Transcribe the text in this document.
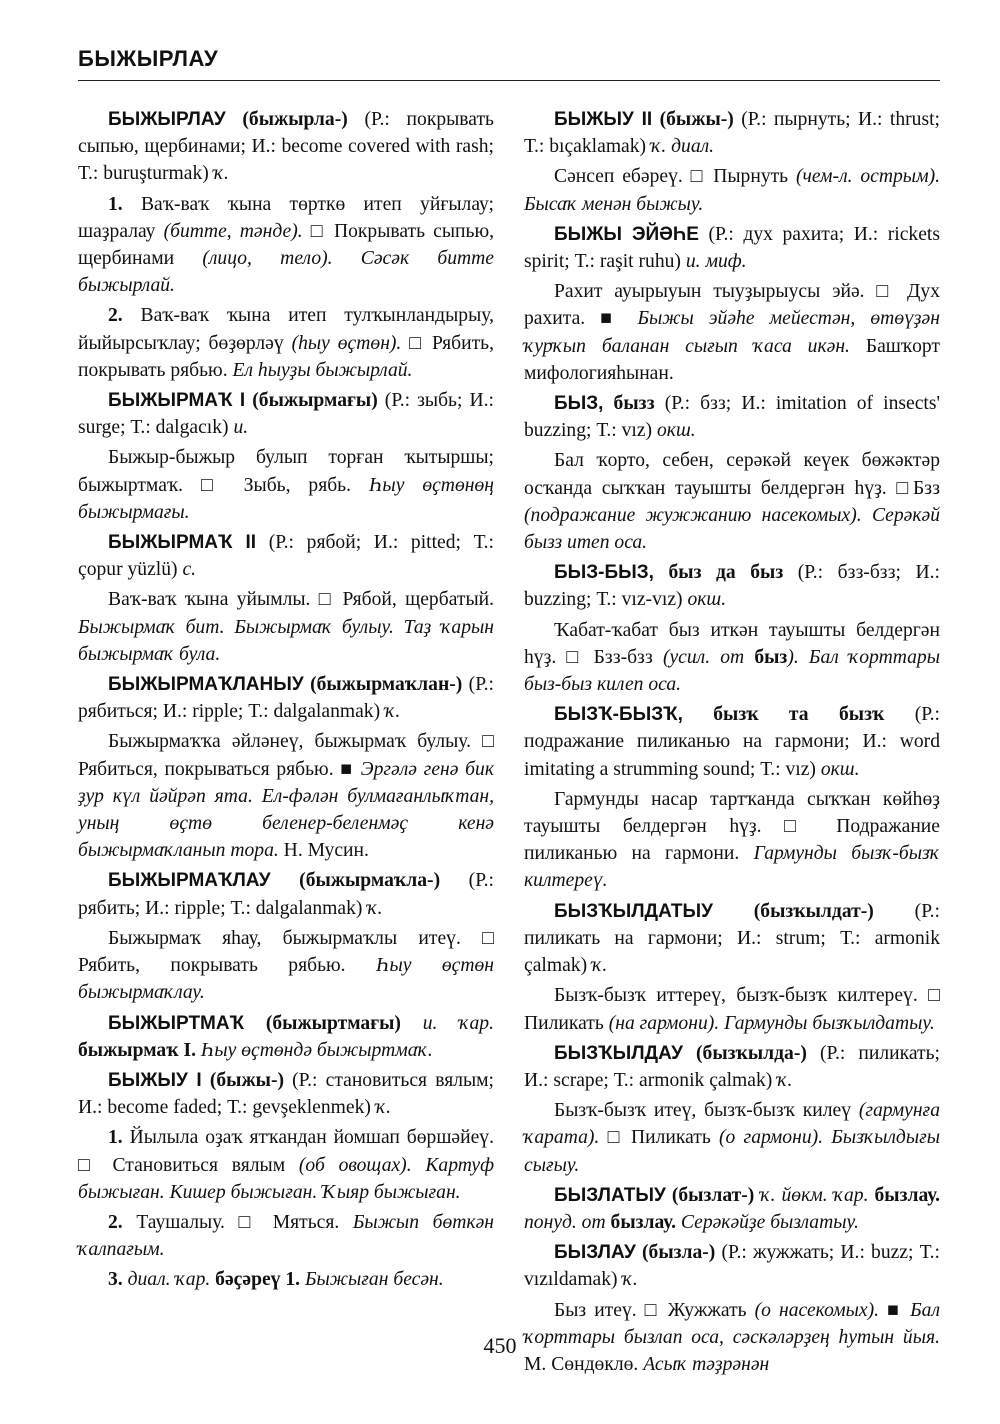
БЫЖЫРЛАУ

БЫЖЫРЛАУ (быжырла-) (Р.: покрывать сыпью, щербинами; И.: become covered with rash; Т.: buruşturmak) ҡ.

1. Ваҡ-ваҡ ҡына төрткө итеп уйғылау; шаҙралау (битте, тәнде). □ Покрывать сыпью, щербинами (лицо, тело). Сәсәк битте быжырлай.

2. Ваҡ-ваҡ ҡына итеп тулҡынландырыу, йыйырсыҡлау; бөҙөрләү (һыу өҫтөн). □ Рябить, покрывать рябью. Ел һыуҙы быжырлай.

БЫЖЫРМАҠ I (быжырмағы) (Р.: зыбь; И.: surge; Т.: dalgacık) и.

Быжыр-быжыр булып торған ҡытыршы; быжыртмаҡ. □ Зыбь, рябь. Һыу өҫтөнөң быжырмағы.

БЫЖЫРМАҠ II (Р.: рябой; И.: pitted; Т.: çopur yüzlü) с.

Ваҡ-ваҡ ҡына уйымлы. □ Рябой, щербатый. Быжырмаҡ бит. Быжырмаҡ булыу. Таҙ ҡарын быжырмаҡ була.

БЫЖЫРМАҠЛАНЫУ (быжырмаҡлан-) (Р.: рябиться; И.: ripple; Т.: dalgalanmak) ҡ.

Быжырмаҡҡа әйләнеү, быжырмаҡ булыу. □ Рябиться, покрываться рябью. ■ Эргәлә генә бик ҙур күл йәйрәп ята. Ел-фәлән булмағанлыҡтан, уның өҫтө беленер-беленмәҫ кенә быжырмаҡланып тора. Н. Мусин.

БЫЖЫРМАҠЛАУ (быжырмаҡла-) (Р.: рябить; И.: ripple; Т.: dalgalanmak) ҡ.

Быжырмаҡ яһау, быжырмаҡлы итеү. □ Рябить, покрывать рябью. Һыу өҫтөн быжырмаҡлау.

БЫЖЫРТМАҠ (быжыртмағы) и. ҡар. быжырмаҡ I. Һыу өҫтөндә быжыртмаҡ.

БЫЖЫУ I (быжы-) (Р.: становиться вялым; И.: become faded; Т.: gevşeklenmek) ҡ.

1. Йылыла оҙаҡ ятҡандан йомшап бөршәйеү. □ Становиться вялым (об овощах). Картуф быжыған. Кишер быжыған. Ҡыяр быжыған.

2. Таушалыу. □ Мяться. Быжып бөткән ҡалпағым.

3. диал. ҡар. бәҫәреү 1. Быжыған бесән.

БЫЖЫУ II (быжы-) (Р.: пырнуть; И.: thrust; Т.: bıçaklamak) ҡ. диал.

Сәнсеп ебәреү. □ Пырнуть (чем-л. острым). Бысаҡ менән быжыу.

БЫЖЫ ЭЙӘҺЕ (Р.: дух рахита; И.: rickets spirit; Т.: raşit ruhu) и. миф.

Рахит ауырыуын тыуҙырыусы эйә. □ Дух рахита. ■ Быжы эйәһе мейестән, өтөүҙән ҡурҡып баланан сығып ҡаса икән. Башҡорт мифологияһынан.

БЫЗ, бызз (Р.: бзз; И.: imitation of insects' buzzing; Т.: vız) окш.

Бал ҡорто, себен, серәкәй кеүек бөжәктәр осҡанда сыҡҡан тауышты белдергән һүҙ. □Бзз (подражание жужжанию насекомых). Серәкәй бызз итеп оса.

БЫЗ-БЫЗ, быз да быз (Р.: бзз-бзз; И.: buzzing; Т.: vız-vız) окш.

Ҡабат-ҡабат быз иткән тауышты белдергән һүҙ. □ Бзз-бзз (усил. от быз). Бал ҡорттары быз-быз килеп оса.

БЫЗҠ-БЫЗҠ, бызҡ та бызҡ (Р.: подражание пиликанью на гармони; И.: word imitating a strumming sound; Т.: vız) окш.

Гармунды насар тартҡанда сыҡҡан көйһөҙ тауышты белдергән һүҙ. □ Подражание пиликанью на гармони. Гармунды бызҡ-бызҡ килтереү.

БЫЗҠЫЛДАТЫУ (бызҡылдат-) (Р.: пиликать на гармони; И.: strum; Т.: armonik çalmak) ҡ.

Бызҡ-бызҡ иттереү, бызҡ-бызҡ килтереү. □ Пиликать (на гармони). Гармунды бызҡылдатыу.

БЫЗҠЫЛДАУ (бызҡылда-) (Р.: пиликать; И.: scrape; Т.: armonik çalmak) ҡ.

Бызҡ-бызҡ итеү, бызҡ-бызҡ килеү (гармунға ҡарата). □ Пиликать (о гармони). Бызҡылдығы сығыу.

БЫЗЛАТЫУ (бызлат-) ҡ. йөкм. ҡар. бызлау. понуд. от бызлау. Серәкәйҙе бызлатыу.

БЫЗЛАУ (бызла-) (Р.: жужжать; И.: buzz; Т.: vızıldamak) ҡ.

Быз итеү. □ Жужжать (о насекомых). ■ Бал ҡорттары бызлап оса, сәскәләрҙең һутын йыя. М. Сөндөклө. Асыҡ тәҙрәнән

450
